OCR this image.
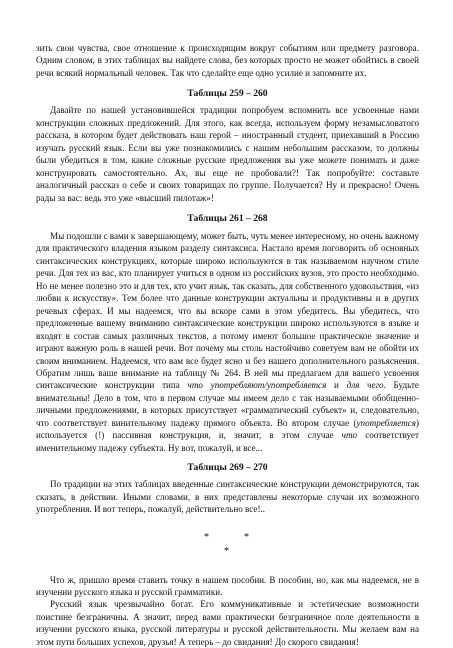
зить свои чувства, свое отношение к происходящим вокруг событиям или предмету разговора. Одним словом, в этих таблицах вы найдете слова, без которых просто не может обойтись в своей речи всякий нормальный человек. Так что сделайте еще одно усилие и запомните их.

Таблицы 259 – 260

Давайте по нашей установившейся традиции попробуем вспомнить все усвоенные нами конструкции сложных предложений. Для этого, как всегда, используем форму незамысловатого рассказа, в котором будет действовать наш герой – иностранный студент, приехавший в Россию изучать русский язык. Если вы уже познакомились с нашим небольшим рассказом, то должны были убедиться в том, какие сложные русские предложения вы уже можете понимать и даже конструировать самостоятельно. Ах, вы еще не пробовали?! Так попробуйте: составьте аналогичный рассказ о себе и своих товарищах по группе. Получается? Ну и прекрасно! Очень рады за вас: ведь это уже «высший пилотаж»!

Таблицы 261 – 268

Мы подошли с вами к завершающему, может быть, чуть менее интересному, но очень важному для практического владения языком разделу синтаксиса. Настало время поговорить об основных синтаксических конструкциях, которые широко используются в так называемом научном стиле речи. Для тех из вас, кто планирует учиться в одном из российских вузов, это просто необходимо. Но не менее полезно это и для тех, кто учит язык, так сказать, для собственного удовольствия, «из любви к искусству». Тем более что данные конструкции актуальны и продуктивны и в других речевых сферах. И мы надеемся, что вы вскоре сами в этом убедитесь. Вы убедитесь, что предложенные вашему вниманию синтаксические конструкции широко используются в языке и входят в состав самых различных текстов, а потому имеют большое практическое значение и играют важную роль в нашей речи. Вот почему мы столь настойчиво советуем вам не обойти их своим вниманием. Надеемся, что вам все будет ясно и без нашего дополнительного разъяснения. Обратим лишь ваше внимание на таблицу № 264. В ней мы предлагаем для вашего усвоения синтаксические конструкции типа что употребляют/употребляется и для чего. Будьте внимательны! Дело в том, что в первом случае мы имеем дело с так называемыми обобщенно-личными предложениями, в которых присутствует «грамматический субъект» и, следовательно, что соответствует винительному падежу прямого объекта. Во втором случае (употребляется) используется (!) пассивная конструкция, и, значит, в этом случае что соответствует именительному падежу субъекта. Ну вот, пожалуй, и все...

Таблицы 269 – 270

По традиции на этих таблицах введенные синтаксические конструкции демонстрируются, так сказать, в действии. Иными словами, в них представлены некоторые случаи их возможного употребления. И вот теперь, пожалуй, действительно все!..

*	*
*

Что ж, пришло время ставить точку в нашем пособии. В пособии, но, как мы надеемся, не в изучении русского языка и русской грамматики.

Русский язык чрезвычайно богат. Его коммуникативные и эстетические возможности поистине безграничны. А значит, перед вами практически безграничное поле деятельности в изучении русского языка, русской литературы и русской действительности. Мы желаем вам на этом пути больших успехов, друзья! А теперь – до свидания! До скорого свидания!
